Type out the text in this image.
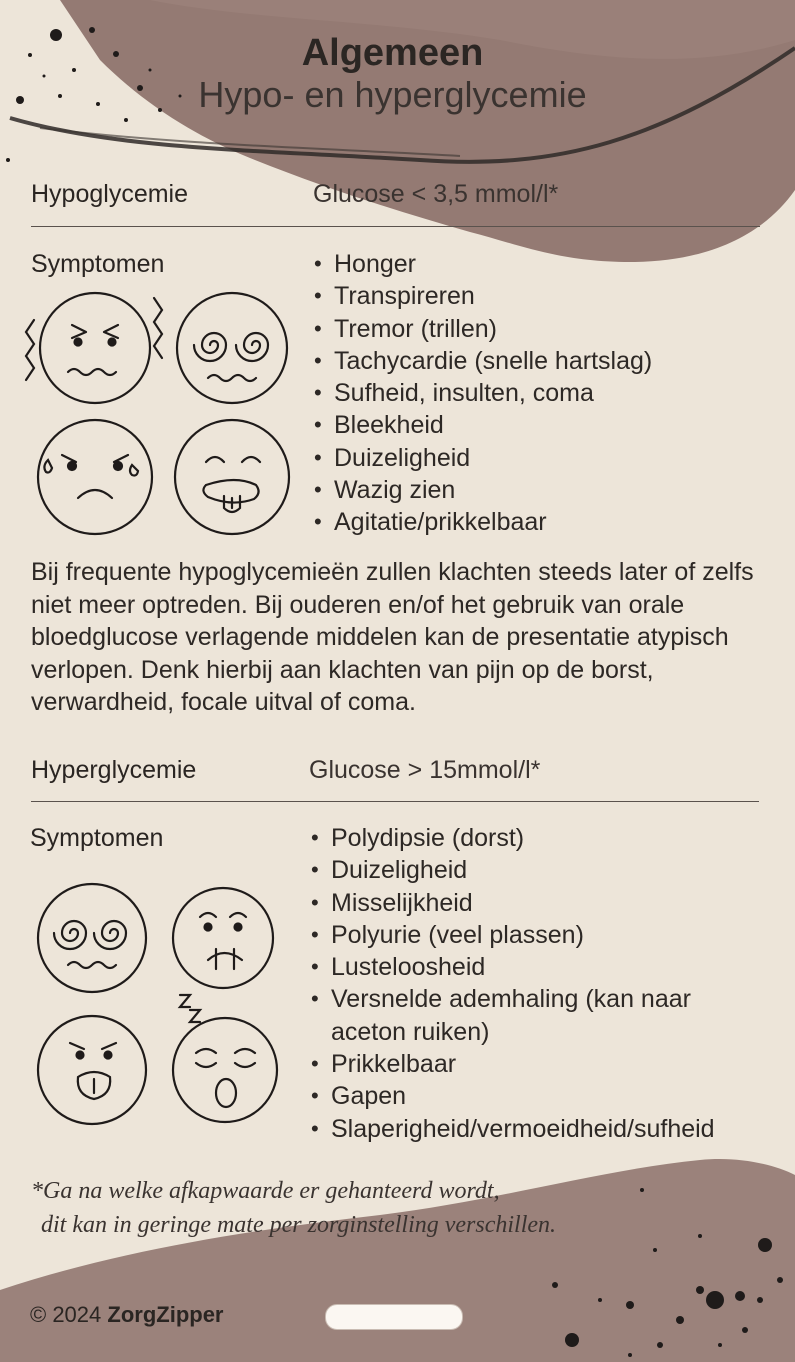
Algemeen
Hypo- en hyperglycemie
Hypoglycemie	Glucose < 3,5 mmol/l*
Symptomen	• Honger
• Transpireren
• Tremor (trillen)
• Tachycardie (snelle hartslag)
• Sufheid, insulten, coma
• Bleekheid
• Duizeligheid
• Wazig zien
• Agitatie/prikkelbaar
Bij frequente hypoglycemieën zullen klachten steeds later of zelfs niet meer optreden. Bij ouderen en/of het gebruik van orale bloedglucose verlagende middelen kan de presentatie atypisch verlopen. Denk hierbij aan klachten van pijn op de borst, verwardheid, focale uitval of coma.
Hyperglycemie	Glucose > 15mmol/l*
Symptomen	• Polydipsie (dorst)
• Duizeligheid
• Misselijkheid
• Polyurie (veel plassen)
• Lusteloosheid
• Versnelde ademhaling (kan naar aceton ruiken)
• Prikkelbaar
• Gapen
• Slaperigheid/vermoeidheid/sufheid
*Ga na welke afkapwaarde er gehanteerd wordt,
dit kan in geringe mate per zorginstelling verschillen.
© 2024 ZorgZipper
